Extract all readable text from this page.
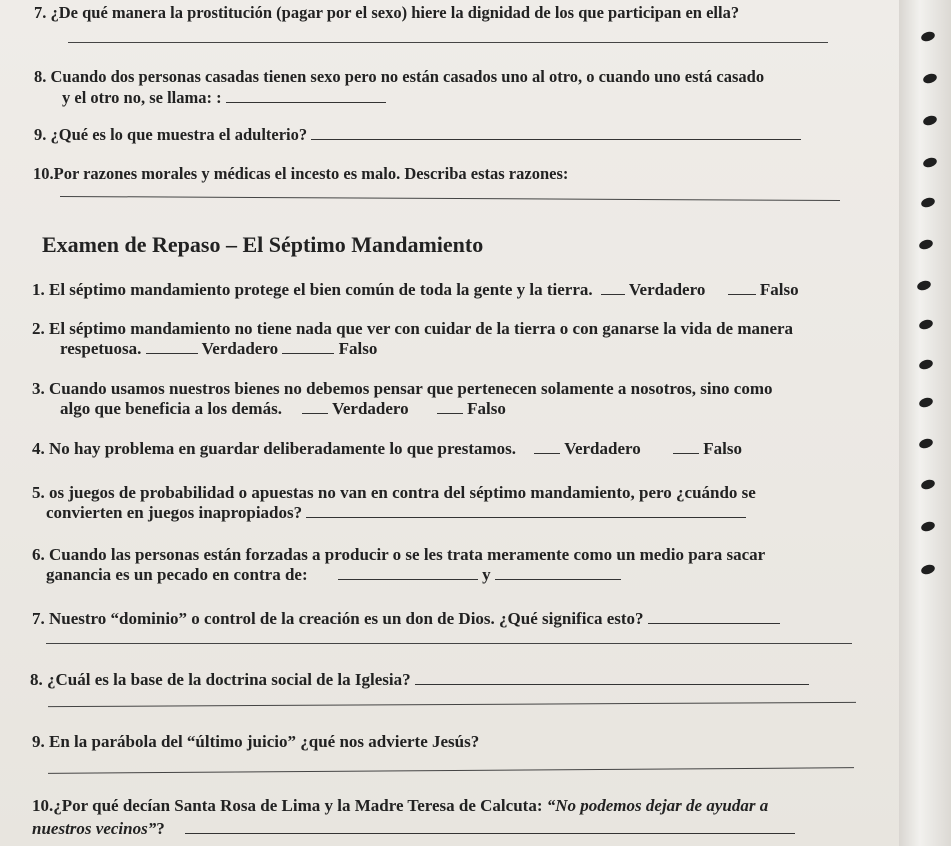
7. ¿De qué manera la prostitución (pagar por el sexo) hiere la dignidad de los que participan en ella?
8. Cuando dos personas casadas tienen sexo pero no están casados uno al otro, o cuando uno está casado
y el otro no, se llama: :
9. ¿Qué es lo que muestra el adulterio?
10.Por razones morales y médicas el incesto es malo. Describa estas razones:
Examen de Repaso – El Séptimo Mandamiento
1. El séptimo mandamiento protege el bien común de toda la gente y la tierra. Verdadero	Falso
2. El séptimo mandamiento no tiene nada que ver con cuidar de la tierra o con ganarse la vida de manera
respetuosa.	Verdadero	Falso
3. Cuando usamos nuestros bienes no debemos pensar que pertenecen solamente a nosotros, sino como
algo que beneficia a los demás.	Verdadero	Falso
4. No hay problema en guardar deliberadamente lo que prestamos.	Verdadero	Falso
5. os juegos de probabilidad o apuestas no van en contra del séptimo mandamiento, pero ¿cuándo se
convierten en juegos inapropiados?
6. Cuando las personas están forzadas a producir o se les trata meramente como un medio para sacar
ganancia es un pecado en contra de:	y
7. Nuestro “dominio” o control de la creación es un don de Dios. ¿Qué significa esto?
8. ¿Cuál es la base de la doctrina social de la Iglesia?
9. En la parábola del “último juicio” ¿qué nos advierte Jesús?
10.¿Por qué decían Santa Rosa de Lima y la Madre Teresa de Calcuta: “No podemos dejar de ayudar a
nuestros vecinos”?
